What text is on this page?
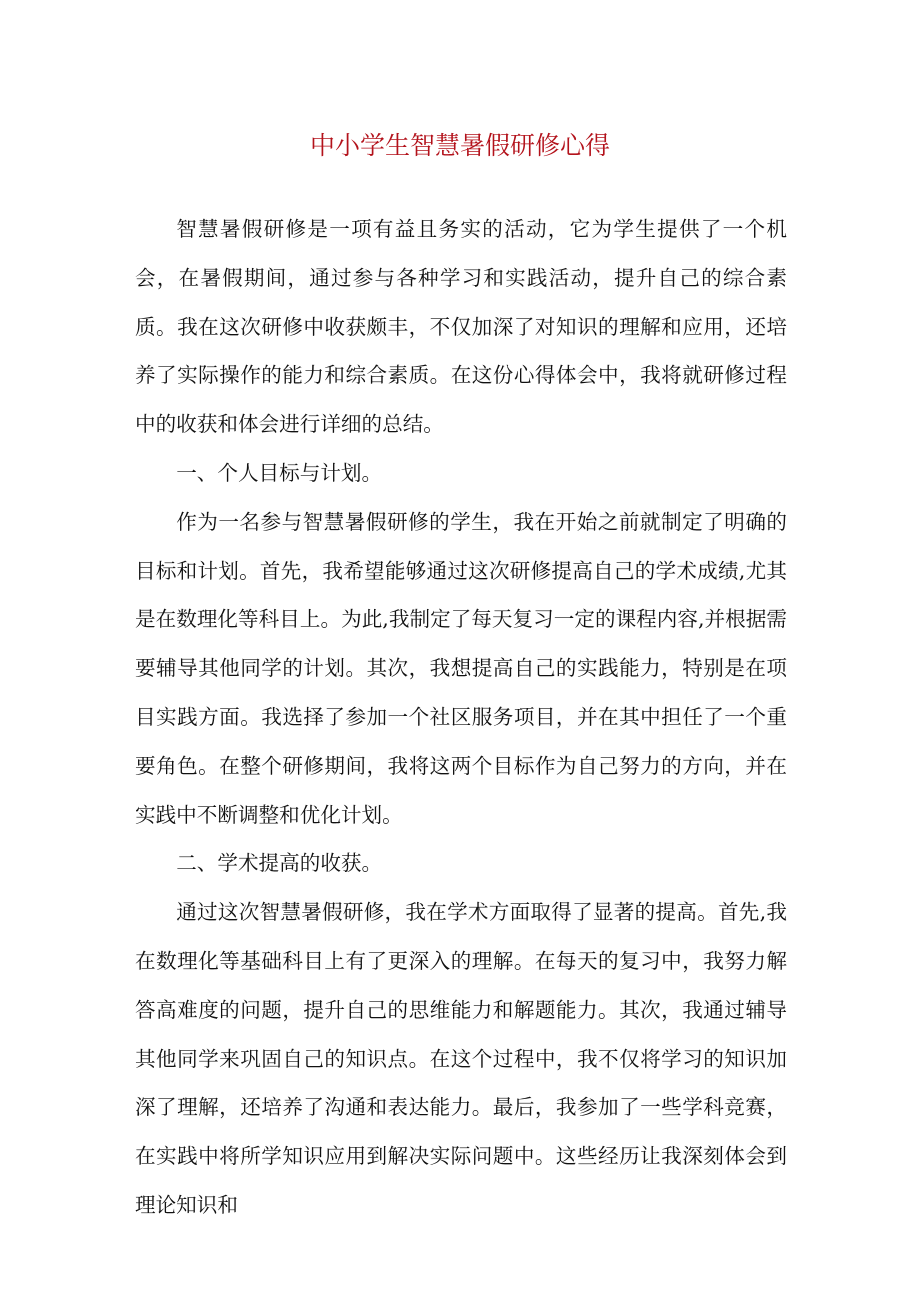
中小学生智慧暑假研修心得

智慧暑假研修是一项有益且务实的活动，它为学生提供了一个机会，在暑假期间，通过参与各种学习和实践活动，提升自己的综合素质。我在这次研修中收获颇丰，不仅加深了对知识的理解和应用，还培养了实际操作的能力和综合素质。在这份心得体会中，我将就研修过程中的收获和体会进行详细的总结。

一、个人目标与计划。

作为一名参与智慧暑假研修的学生，我在开始之前就制定了明确的目标和计划。首先，我希望能够通过这次研修提高自己的学术成绩,尤其是在数理化等科目上。为此,我制定了每天复习一定的课程内容,并根据需要辅导其他同学的计划。其次，我想提高自己的实践能力，特别是在项目实践方面。我选择了参加一个社区服务项目，并在其中担任了一个重要角色。在整个研修期间，我将这两个目标作为自己努力的方向，并在实践中不断调整和优化计划。

二、学术提高的收获。

通过这次智慧暑假研修，我在学术方面取得了显著的提高。首先,我在数理化等基础科目上有了更深入的理解。在每天的复习中，我努力解答高难度的问题，提升自己的思维能力和解题能力。其次，我通过辅导其他同学来巩固自己的知识点。在这个过程中，我不仅将学习的知识加深了理解，还培养了沟通和表达能力。最后，我参加了一些学科竞赛，在实践中将所学知识应用到解决实际问题中。这些经历让我深刻体会到理论知识和
